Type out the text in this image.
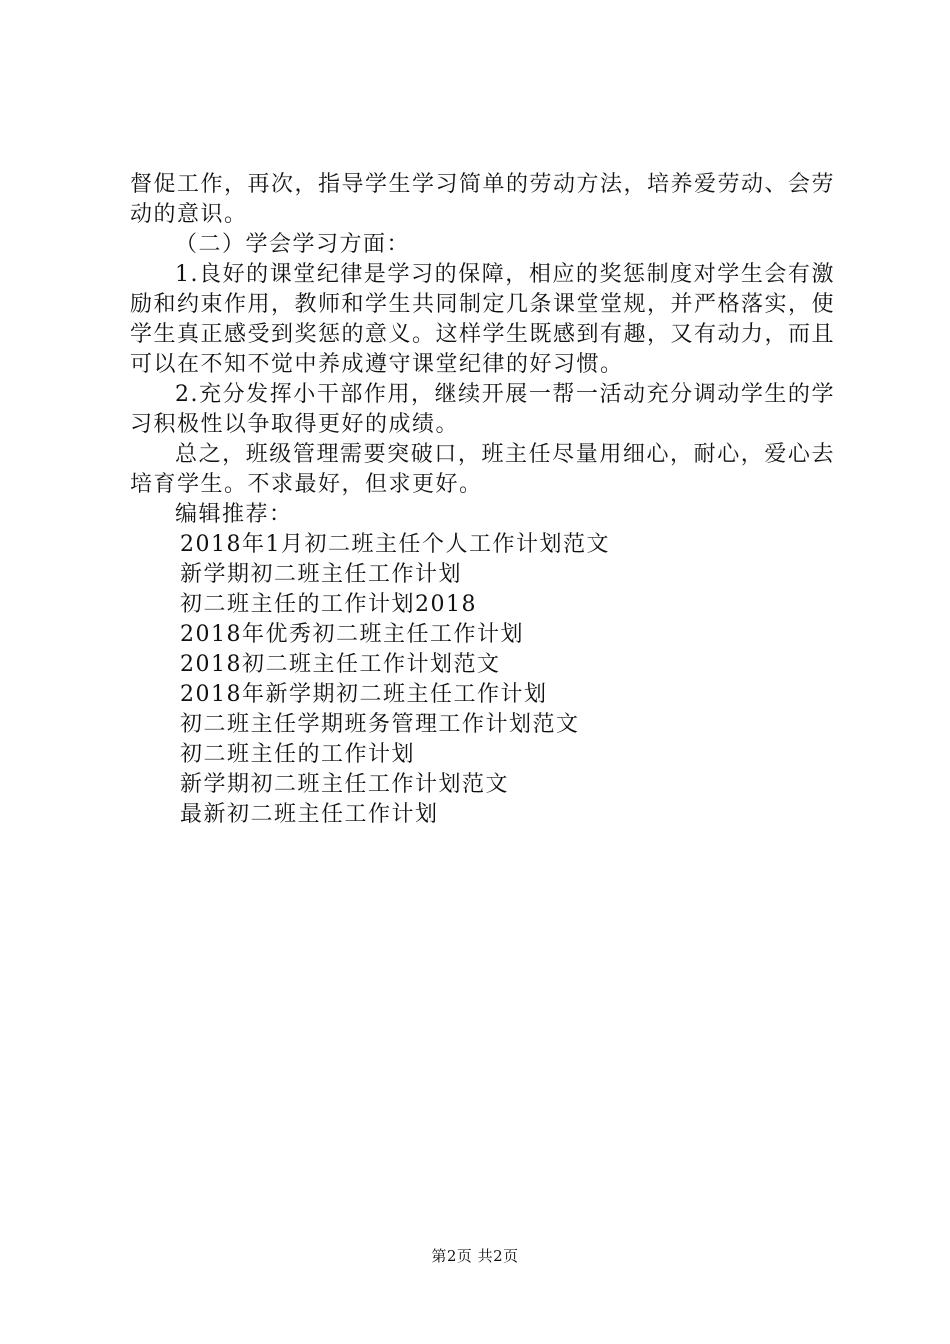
督促工作，再次，指导学生学习简单的劳动方法，培养爱劳动、会劳动的意识。

（二）学会学习方面：

1.良好的课堂纪律是学习的保障，相应的奖惩制度对学生会有激励和约束作用，教师和学生共同制定几条课堂堂规，并严格落实，使学生真正感受到奖惩的意义。这样学生既感到有趣，又有动力，而且可以在不知不觉中养成遵守课堂纪律的好习惯。

2.充分发挥小干部作用，继续开展一帮一活动充分调动学生的学习积极性以争取得更好的成绩。

总之，班级管理需要突破口，班主任尽量用细心，耐心，爱心去培育学生。不求最好，但求更好。

编辑推荐：

2018年1月初二班主任个人工作计划范文
新学期初二班主任工作计划
初二班主任的工作计划2018
2018年优秀初二班主任工作计划
2018初二班主任工作计划范文
2018年新学期初二班主任工作计划
初二班主任学期班务管理工作计划范文
初二班主任的工作计划
新学期初二班主任工作计划范文
最新初二班主任工作计划
第2页 共2页
